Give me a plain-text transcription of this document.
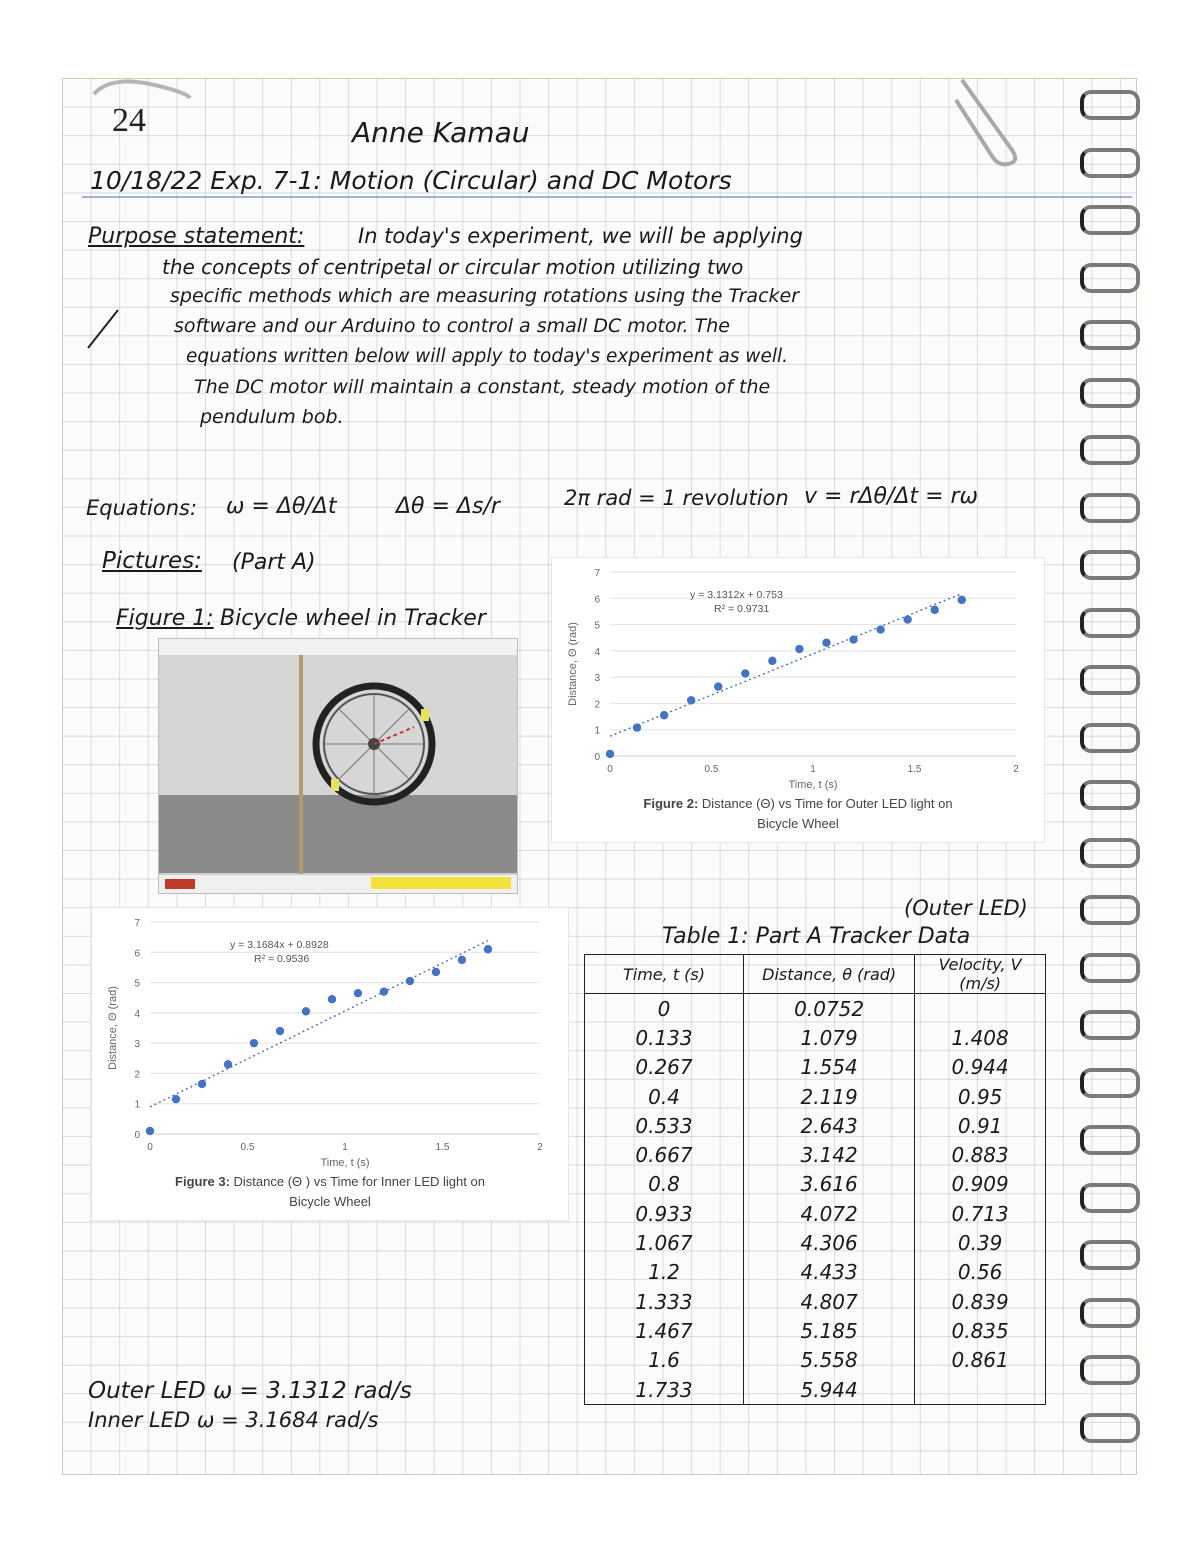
24	Anne Kamau
10/18/22 Exp. 7-1: Motion (Circular) and DC Motors
Purpose statement:	In today's experiment, we will be applying
the concepts of centripetal or circular motion utilizing two
specific methods which are measuring rotations using the Tracker
software and our Arduino to control a small DC motor. The
equations written below will apply to today's experiment as well.
The DC motor will maintain a constant, steady motion of the
pendulum bob.
Equations: ω = Δθ/Δt	Δθ = Δs/r	2π rad = 1 revolution v = rΔθ/Δt = rω
Pictures: (Part A)
Figure 1: Bicycle wheel in Tracker
0
1
2
3
4
5
6
7
0	0.5	1	1.5	2
Time, t (s)
Distance, Θ (rad)
y = 3.1312x + 0.753
R² = 0.9731
Figure 2: Distance (Θ) vs Time for Outer LED light on
Bicycle Wheel
0
1
2
3
4
5
6
7
0	0.5	1	1.5	2
Time, t (s)
Distance, Θ (rad)
y = 3.1684x + 0.8928
R² = 0.9536
Figure 3: Distance (Θ ) vs Time for Inner LED light on
Bicycle Wheel
(Outer LED)
Table 1: Part A Tracker Data
Time, t (s)	Distance, θ (rad)	Velocity, V (m/s)
0	0.0752	
0.133	1.079	1.408
0.267	1.554	0.944
0.4	2.119	0.95
0.533	2.643	0.91
0.667	3.142	0.883
0.8	3.616	0.909
0.933	4.072	0.713
1.067	4.306	0.39
1.2	4.433	0.56
1.333	4.807	0.839
1.467	5.185	0.835
1.6	5.558	0.861
1.733	5.944	
Outer LED ω = 3.1312 rad/s
Inner LED ω = 3.1684 rad/s
